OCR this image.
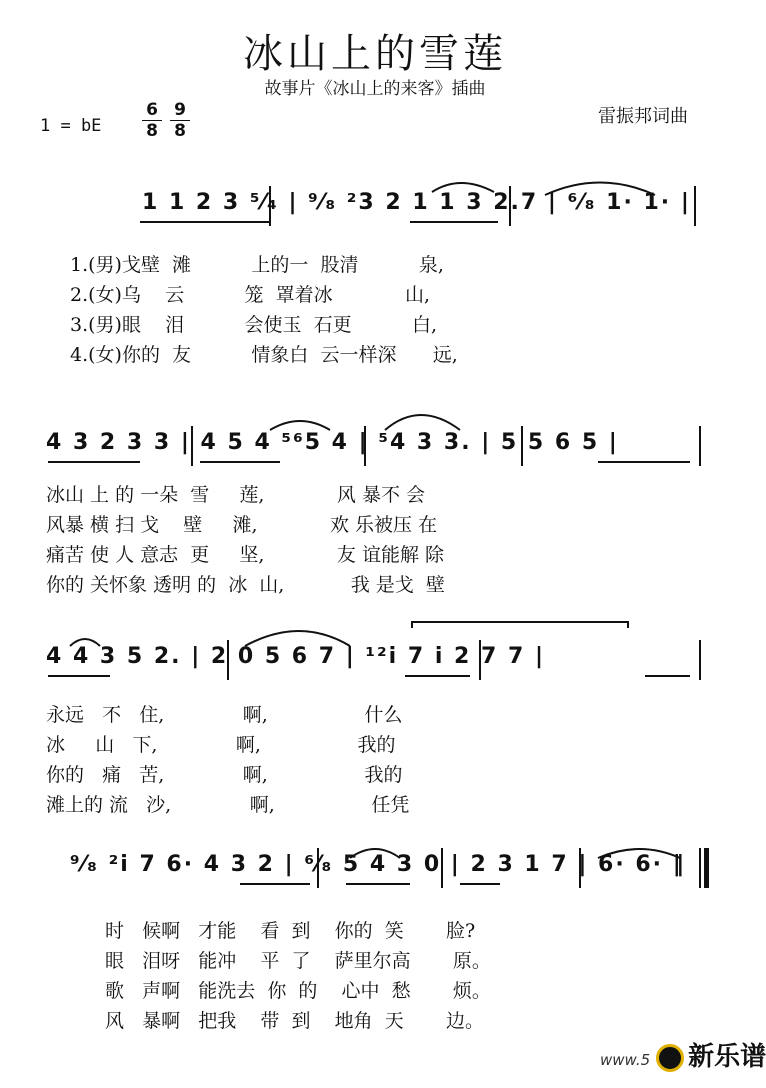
冰山上的雪莲
故事片《冰山上的来客》插曲
1 = bE
6
8
9
8
雷振邦词曲
1 1 2 3 ⁵⁄₄ | ⁹⁄₈ ²3 2 1 1 3 2.7 | ⁶⁄₈ 1· 1· |
1.(男)戈壁  滩          上的一  股清          泉,
2.(女)乌    云          笼  罩着冰            山,
3.(男)眼    泪          会使玉  石更          白,
4.(女)你的  友          情象白  云一样深      远,
4 3 2 3 3 | 4 5 4 ⁵⁶5 4 | ⁵4 3 3. | 5 5 6 5 |
冰山 上 的 一朵  雪     莲,            风 暴不 会
风暴 横 扫 戈    壁     滩,            欢 乐被压 在
痛苦 使 人 意志  更     坚,            友 谊能解 除
你的 关怀象 透明 的  冰  山,           我 是戈  壁
4 4 3 5 2. | 2 0 5 6 7 | ¹²i 7 i 2 7 7 |
永远   不   住,             啊,                什么
冰     山   下,             啊,                我的
你的   痛   苦,             啊,                我的
滩上的 流   沙,             啊,                任凭
⁹⁄₈ ²i 7 6· 4 3 2 | ⁶⁄₈ 5 4 3 0 | 2 3 1 7 | 6· 6· ‖
时   候啊   才能    看  到    你的  笑       脸?
眼   泪呀   能冲    平  了    萨里尔高       原。
歌   声啊   能洗去  你  的    心中  愁       烦。
风   暴啊   把我    带  到    地角  天       边。
www.5 新乐谱
